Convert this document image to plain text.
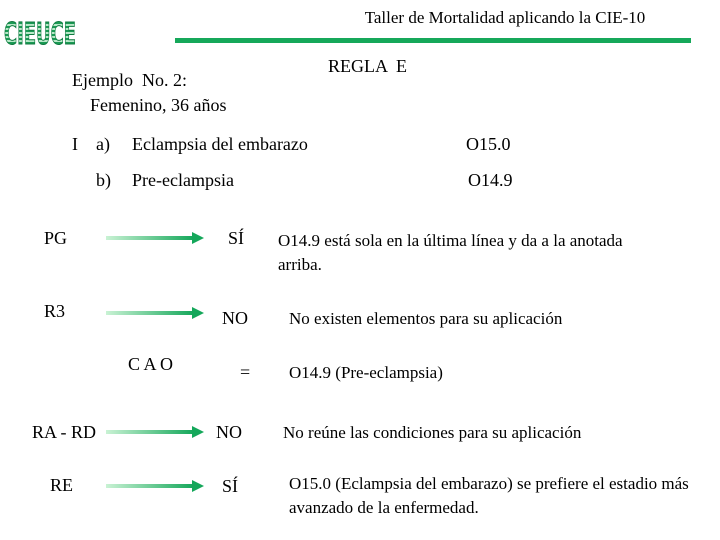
CIEUCE	Taller de Mortalidad aplicando la CIE-10
REGLA  E
Ejemplo  No. 2:
Femenino, 36 años
I a) Eclampsia del embarazo	O15.0
b) Pre-eclampsia	O14.9
PG	SÍ O14.9 está sola en la última línea y da a la anotada arriba.
R3	NO No existen elementos para su aplicación
C A O	= O14.9 (Pre-eclampsia)
RA - RD	NO No reúne las condiciones para su aplicación
RE	SÍ	O15.0 (Eclampsia del embarazo) se prefiere el estadio más avanzado de la enfermedad.
